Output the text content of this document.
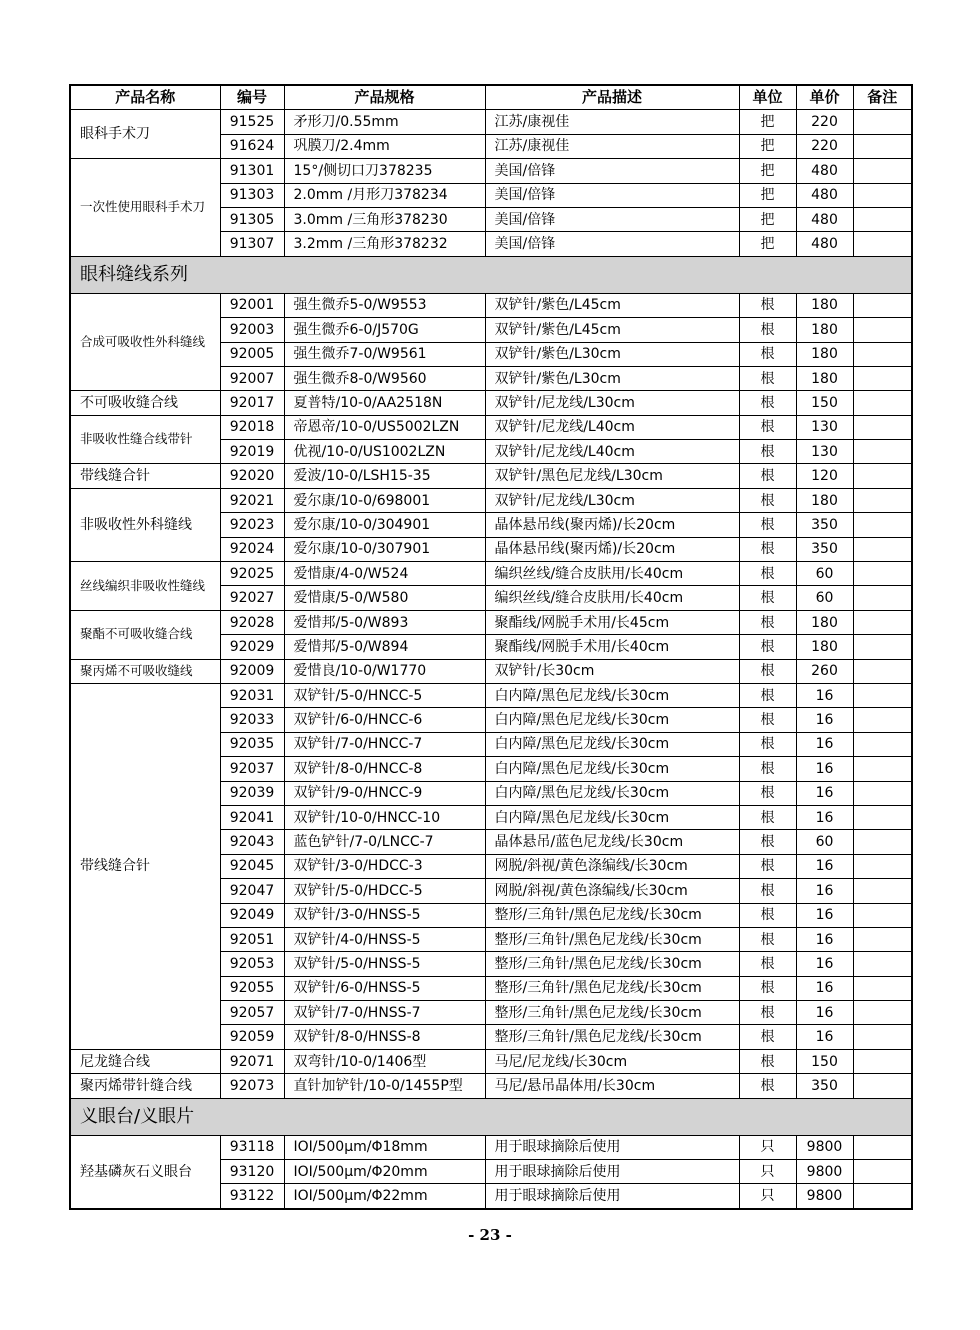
产品名称	编号	产品规格	产品描述	单位	单价	备注
眼科手术刀	91525	矛形刀/0.55mm	江苏/康视佳	把	220	
	91624	巩膜刀/2.4mm	江苏/康视佳	把	220	
一次性使用眼科手术刀	91301	15°/侧切口刀378235	美国/倍锋	把	480	
	91303	2.0mm /月形刀378234	美国/倍锋	把	480	
	91305	3.0mm /三角形378230	美国/倍锋	把	480	
	91307	3.2mm /三角形378232	美国/倍锋	把	480	
眼科缝线系列						
合成可吸收性外科缝线	92001	强生微乔5-0/W9553	双铲针/紫色/L45cm	根	180	
	92003	强生微乔6-0/J570G	双铲针/紫色/L45cm	根	180	
	92005	强生微乔7-0/W9561	双铲针/紫色/L30cm	根	180	
	92007	强生微乔8-0/W9560	双铲针/紫色/L30cm	根	180	
不可吸收缝合线	92017	夏普特/10-0/AA2518N	双铲针/尼龙线/L30cm	根	150	
非吸收性缝合线带针	92018	帝恩帝/10-0/US5002LZN	双铲针/尼龙线/L40cm	根	130	
	92019	优视/10-0/US1002LZN	双铲针/尼龙线/L40cm	根	130	
带线缝合针	92020	爱波/10-0/LSH15-35	双铲针/黑色尼龙线/L30cm	根	120	
非吸收性外科缝线	92021	爱尔康/10-0/698001	双铲针/尼龙线/L30cm	根	180	
	92023	爱尔康/10-0/304901	晶体悬吊线(聚丙烯)/长20cm	根	350	
	92024	爱尔康/10-0/307901	晶体悬吊线(聚丙烯)/长20cm	根	350	
丝线编织非吸收性缝线	92025	爱惜康/4-0/W524	编织丝线/缝合皮肤用/长40cm	根	60	
	92027	爱惜康/5-0/W580	编织丝线/缝合皮肤用/长40cm	根	60	
聚酯不可吸收缝合线	92028	爱惜邦/5-0/W893	聚酯线/网脱手术用/长45cm	根	180	
	92029	爱惜邦/5-0/W894	聚酯线/网脱手术用/长40cm	根	180	
聚丙烯不可吸收缝线	92009	爱惜良/10-0/W1770	双铲针/长30cm	根	260	
带线缝合针	92031	双铲针/5-0/HNCC-5	白内障/黑色尼龙线/长30cm	根	16	
	92033	双铲针/6-0/HNCC-6	白内障/黑色尼龙线/长30cm	根	16	
	92035	双铲针/7-0/HNCC-7	白内障/黑色尼龙线/长30cm	根	16	
	92037	双铲针/8-0/HNCC-8	白内障/黑色尼龙线/长30cm	根	16	
	92039	双铲针/9-0/HNCC-9	白内障/黑色尼龙线/长30cm	根	16	
	92041	双铲针/10-0/HNCC-10	白内障/黑色尼龙线/长30cm	根	16	
	92043	蓝色铲针/7-0/LNCC-7	晶体悬吊/蓝色尼龙线/长30cm	根	60	
	92045	双铲针/3-0/HDCC-3	网脱/斜视/黄色涤编线/长30cm	根	16	
	92047	双铲针/5-0/HDCC-5	网脱/斜视/黄色涤编线/长30cm	根	16	
	92049	双铲针/3-0/HNSS-5	整形/三角针/黑色尼龙线/长30cm	根	16	
	92051	双铲针/4-0/HNSS-5	整形/三角针/黑色尼龙线/长30cm	根	16	
	92053	双铲针/5-0/HNSS-5	整形/三角针/黑色尼龙线/长30cm	根	16	
	92055	双铲针/6-0/HNSS-5	整形/三角针/黑色尼龙线/长30cm	根	16	
	92057	双铲针/7-0/HNSS-7	整形/三角针/黑色尼龙线/长30cm	根	16	
	92059	双铲针/8-0/HNSS-8	整形/三角针/黑色尼龙线/长30cm	根	16	
尼龙缝合线	92071	双弯针/10-0/1406型	马尼/尼龙线/长30cm	根	150	
聚丙烯带针缝合线	92073	直针加铲针/10-0/1455P型	马尼/悬吊晶体用/长30cm	根	350	
义眼台/义眼片						
羟基磷灰石义眼台	93118	IOI/500μm/Φ18mm	用于眼球摘除后使用	只	9800	
	93120	IOI/500μm/Φ20mm	用于眼球摘除后使用	只	9800	
	93122	IOI/500μm/Φ22mm	用于眼球摘除后使用	只	9800	
- 23 -
